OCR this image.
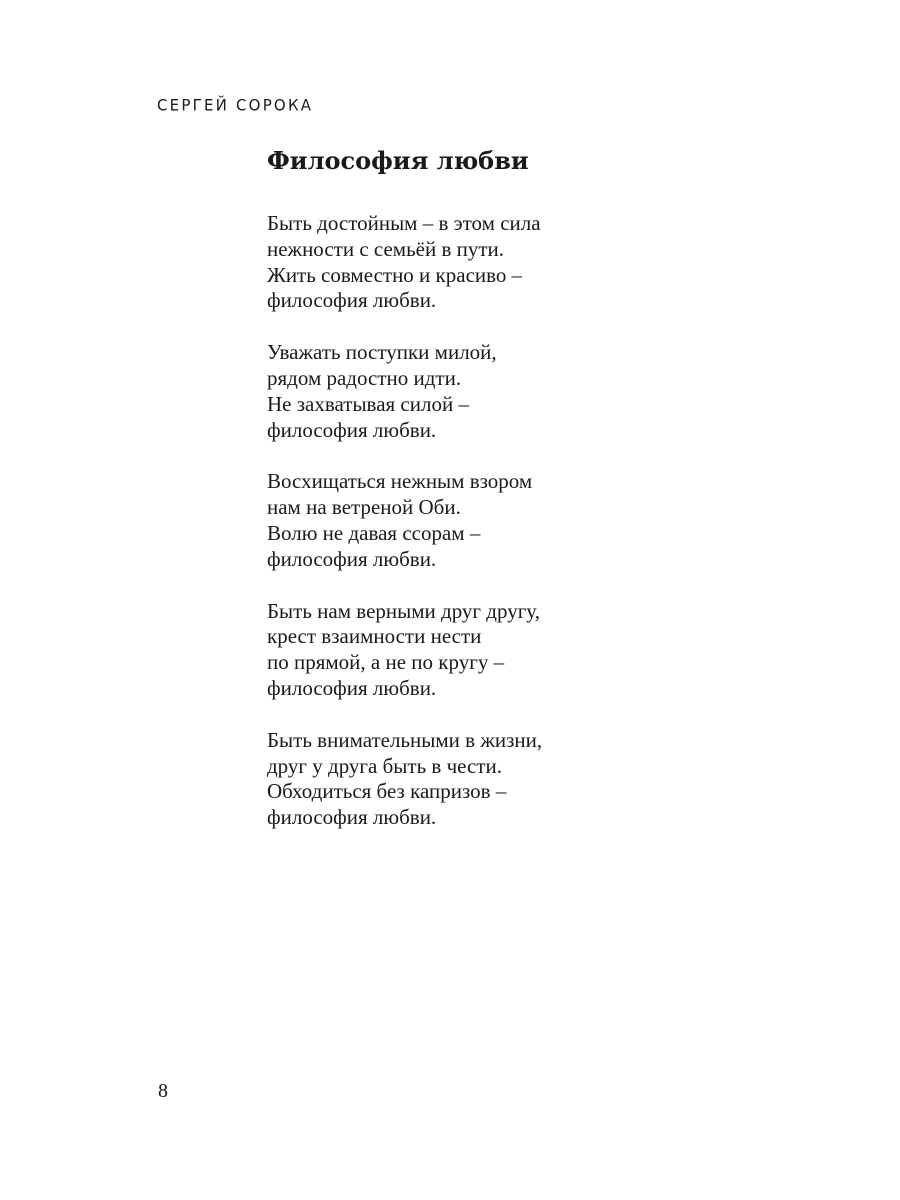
СЕРГЕЙ СОРОКА
Философия любви
Быть достойным – в этом сила
нежности с семьёй в пути.
Жить совместно и красиво –
философия любви.
Уважать поступки милой,
рядом радостно идти.
Не захватывая силой –
философия любви.
Восхищаться нежным взором
нам на ветреной Оби.
Волю не давая ссорам –
философия любви.
Быть нам верными друг другу,
крест взаимности нести
по прямой, а не по кругу –
философия любви.
Быть внимательными в жизни,
друг у друга быть в чести.
Обходиться без капризов –
философия любви.
8
